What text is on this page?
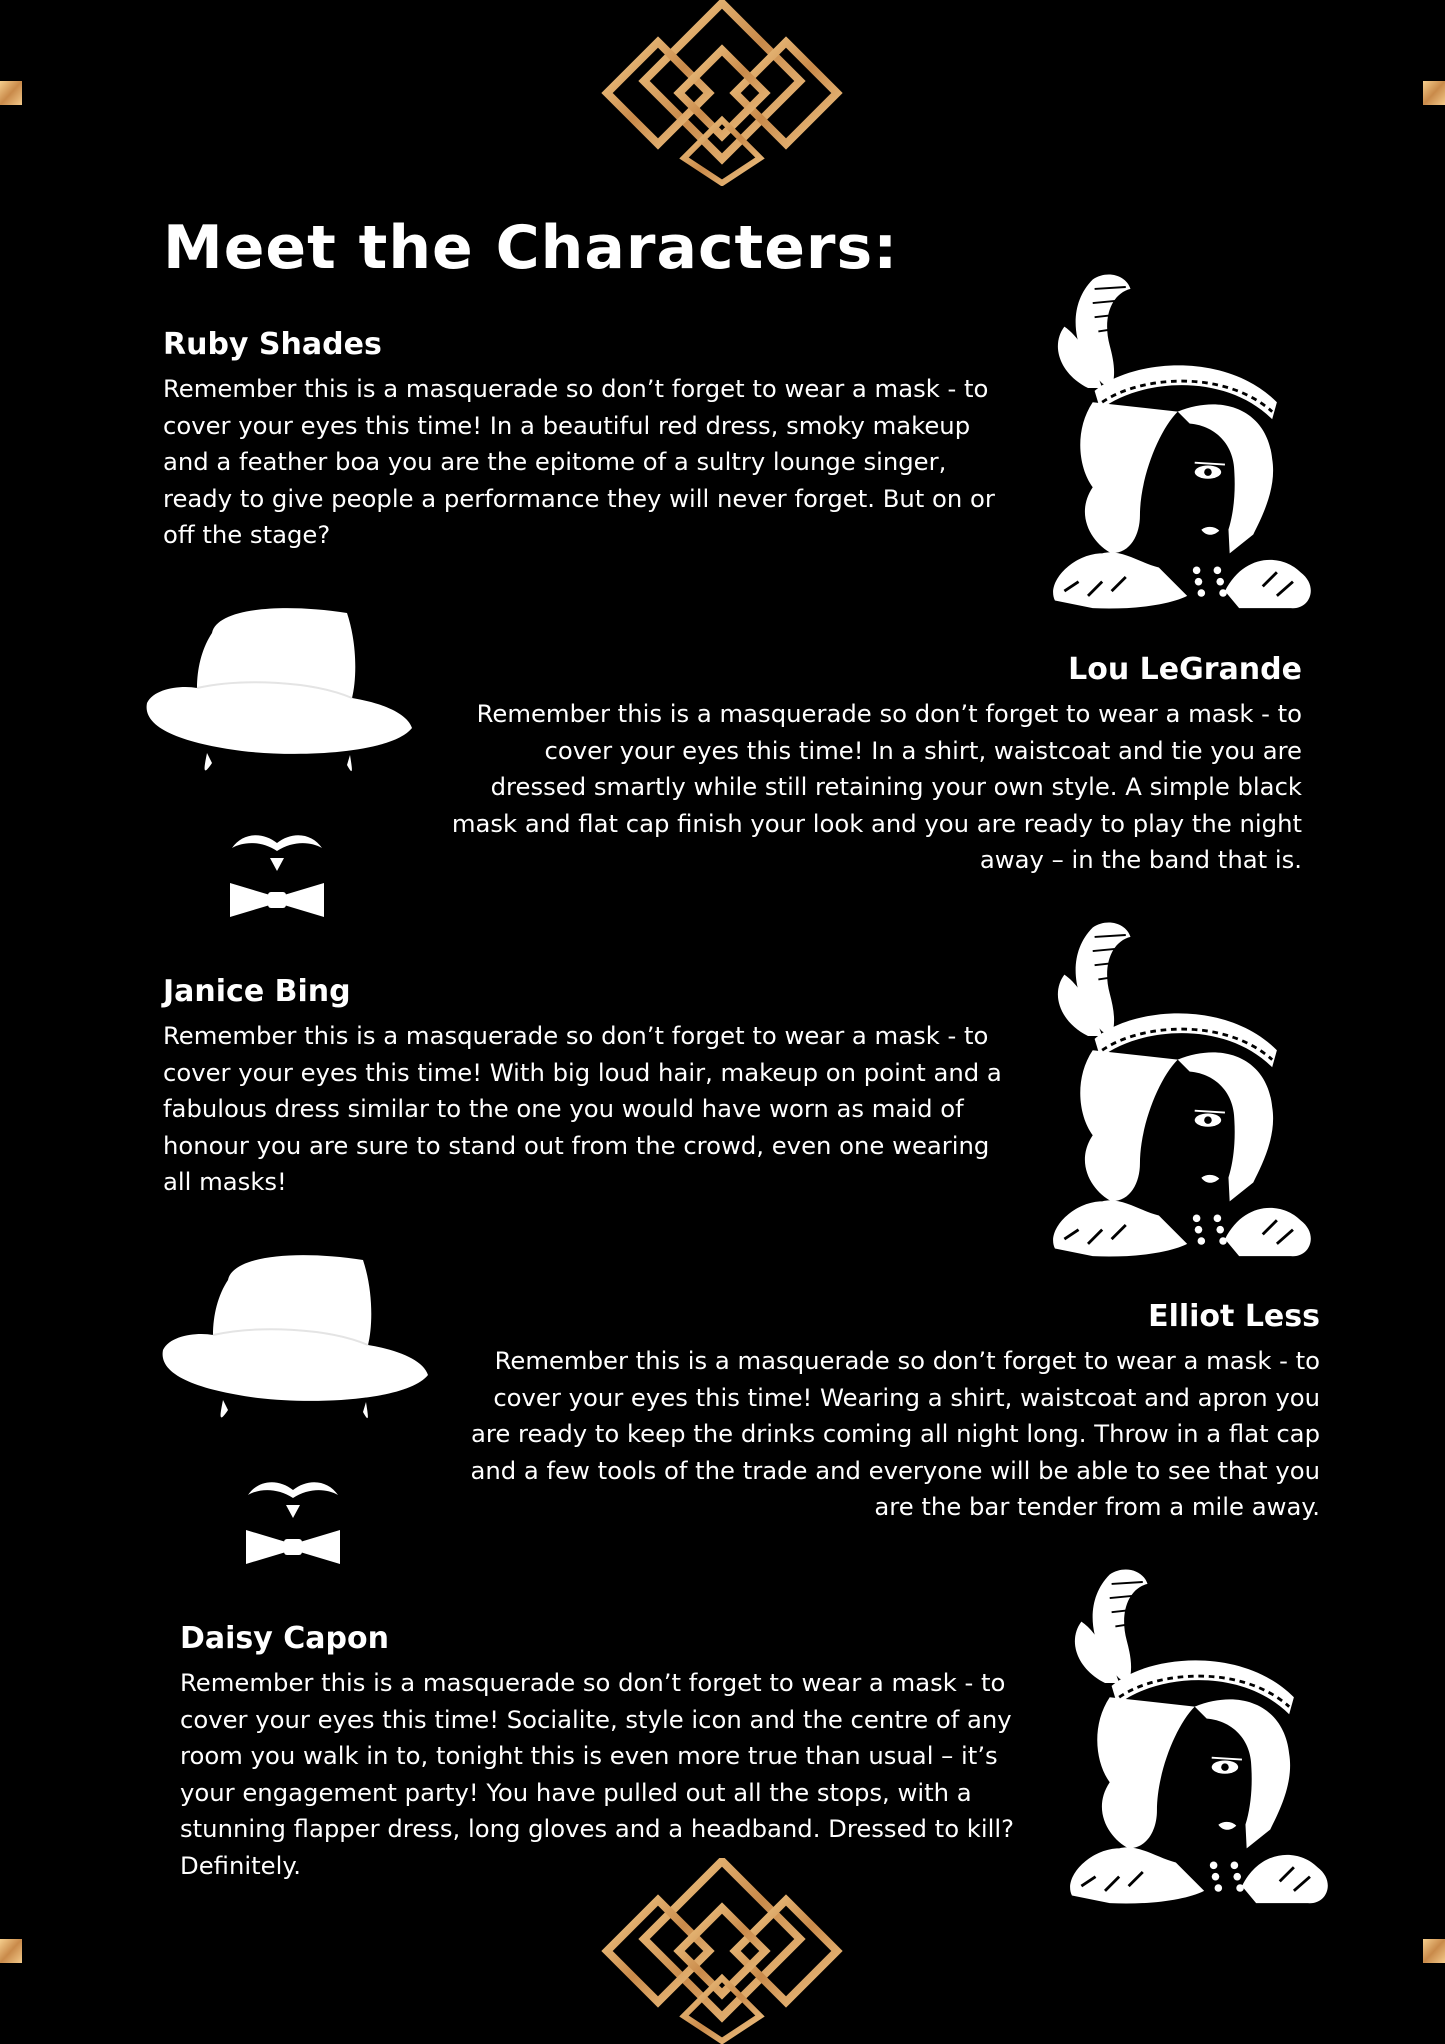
Meet the Characters:
Ruby Shades
Remember this is a masquerade so don’t forget to wear a mask - to cover your eyes this time! In a beautiful red dress, smoky makeup and a feather boa you are the epitome of a sultry lounge singer, ready to give people a performance they will never forget. But on or off the stage?
Lou LeGrande
Remember this is a masquerade so don’t forget to wear a mask - to cover your eyes this time! In a shirt, waistcoat and tie you are dressed smartly while still retaining your own style. A simple black mask and flat cap finish your look and you are ready to play the night away – in the band that is.
Janice Bing
Remember this is a masquerade so don’t forget to wear a mask - to cover your eyes this time! With big loud hair, makeup on point and a fabulous dress similar to the one you would have worn as maid of honour you are sure to stand out from the crowd, even one wearing all masks!
Elliot Less
Remember this is a masquerade so don’t forget to wear a mask - to cover your eyes this time! Wearing a shirt, waistcoat and apron you are ready to keep the drinks coming all night long. Throw in a flat cap and a few tools of the trade and everyone will be able to see that you are the bar tender from a mile away.
Daisy Capon
Remember this is a masquerade so don’t forget to wear a mask - to cover your eyes this time! Socialite, style icon and the centre of any room you walk in to, tonight this is even more true than usual – it’s your engagement party! You have pulled out all the stops, with a stunning flapper dress, long gloves and a headband. Dressed to kill? Definitely.
